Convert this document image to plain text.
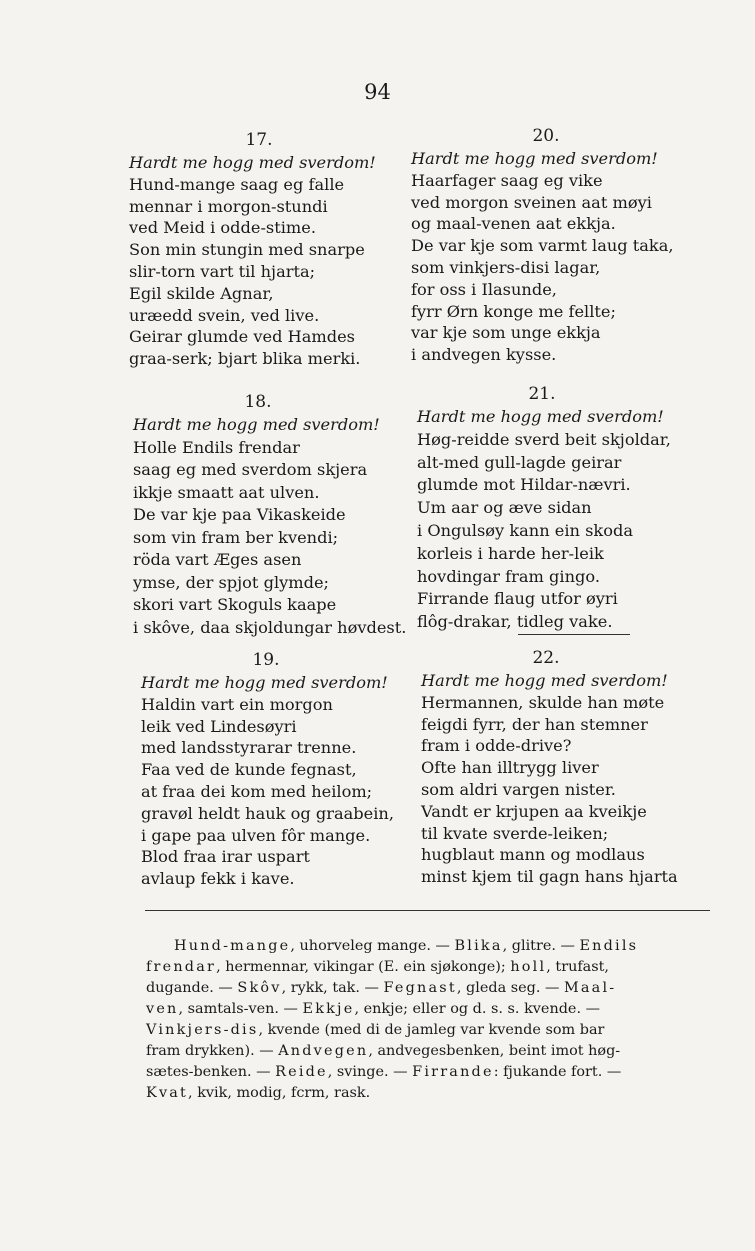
94
17.
Hardt me hogg med sverdom!
Hund-mange saag eg falle
mennar i morgon-stundi
ved Meid i odde-stime.
Son min stungin med snarpe
slir-torn vart til hjarta;
Egil skilde Agnar,
uræedd svein, ved live.
Geirar glumde ved Hamdes
graa-serk; bjart blika merki.
20.
Hardt me hogg med sverdom!
Haarfager saag eg vike
ved morgon sveinen aat møyi
og maal-venen aat ekkja.
De var kje som varmt laug taka,
som vinkjers-disi lagar,
for oss i Ilasunde,
fyrr Ørn konge me fellte;
var kje som unge ekkja
i andvegen kysse.
18.
Hardt me hogg med sverdom!
Holle Endils frendar
saag eg med sverdom skjera
ikkje smaatt aat ulven.
De var kje paa Vikaskeide
som vin fram ber kvendi;
röda vart Æges asen
ymse, der spjot glymde;
skori vart Skoguls kaape
i skôve, daa skjoldungar høvdest.
21.
Hardt me hogg med sverdom!
Høg-reidde sverd beit skjoldar,
alt-med gull-lagde geirar
glumde mot Hildar-nævri.
Um aar og æve sidan
i Ongulsøy kann ein skoda
korleis i harde her-leik
hovdingar fram gingo.
Firrande flaug utfor øyri
flôg-drakar, tidleg vake.
19.
Hardt me hogg med sverdom!
Haldin vart ein morgon
leik ved Lindesøyri
med landsstyrarar trenne.
Faa ved de kunde fegnast,
at fraa dei kom med heilom;
gravøl heldt hauk og graabein,
i gape paa ulven fôr mange.
Blod fraa irar uspart
avlaup fekk i kave.
22.
Hardt me hogg med sverdom!
Hermannen, skulde han møte
feigdi fyrr, der han stemner
fram i odde-drive?
Ofte han illtrygg liver
som aldri vargen nister.
Vandt er krjupen aa kveikje
til kvate sverde-leiken;
hugblaut mann og modlaus
minst kjem til gagn hans hjarta
Hund-mange, uhorveleg mange. — Blika, glitre. — Endils
frendar, hermennar, vikingar (E. ein sjøkonge); holl, trufast,
dugande. — Skôv, rykk, tak. — Fegnast, gleda seg. — Maal-
ven, samtals-ven. — Ekkje, enkje; eller og d. s. s. kvende. —
Vinkjers-dis, kvende (med di de jamleg var kvende som bar
fram drykken). — Andvegen, andvegesbenken, beint imot høg-
sætes-benken. — Reide, svinge. — Firrande: fjukande fort. —
Kvat, kvik, modig, fcrm, rask.
